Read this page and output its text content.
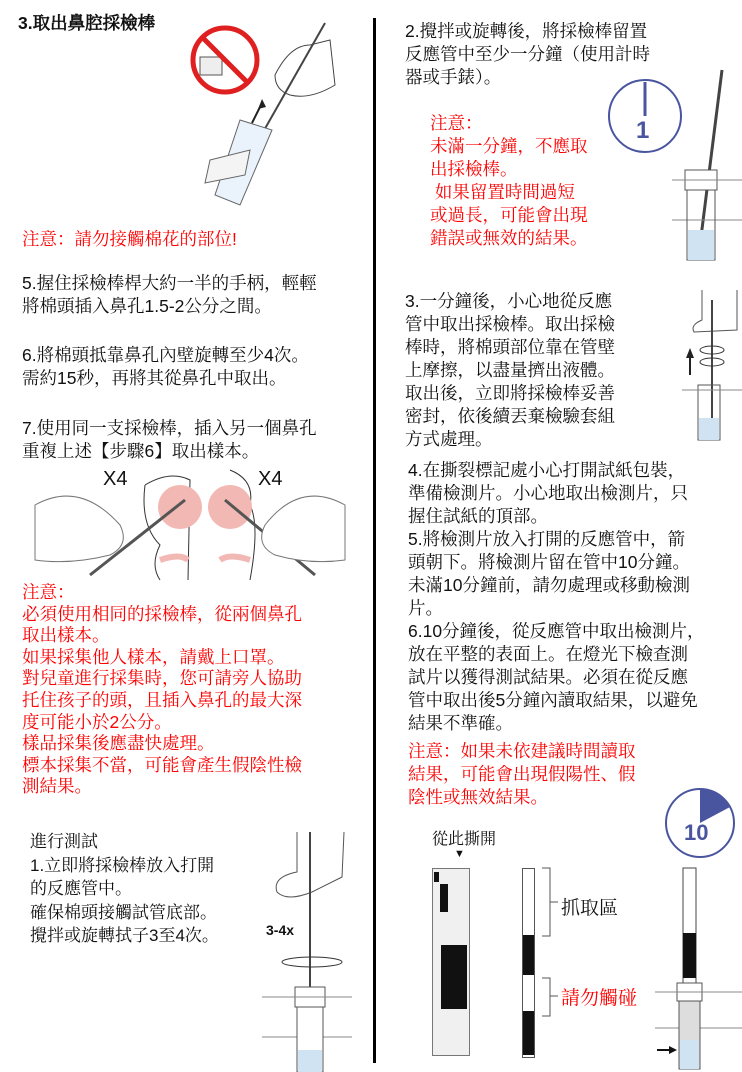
3.取出鼻腔採檢棒
注意：請勿接觸棉花的部位!
5.握住採檢棒桿大約一半的手柄，輕輕
將棉頭插入鼻孔1.5-2公分之間。
6.將棉頭抵靠鼻孔內壁旋轉至少4次。
需約15秒，再將其從鼻孔中取出。
7.使用同一支採檢棒，插入另一個鼻孔
重複上述【步驟6】取出樣本。
X4	X4
注意：
必須使用相同的採檢棒，從兩個鼻孔
取出樣本。
如果採集他人樣本，請戴上口罩。
對兒童進行採集時，您可請旁人協助
托住孩子的頭，且插入鼻孔的最大深
度可能小於2公分。
樣品採集後應盡快處理。
標本採集不當，可能會產生假陰性檢
測結果。
進行測試
1.立即將採檢棒放入打開
的反應管中。
確保棉頭接觸試管底部。
攪拌或旋轉拭子3至4次。	3-4x
2.攪拌或旋轉後，將採檢棒留置
反應管中至少一分鐘（使用計時
器或手錶）。
1
注意：
未滿一分鐘，不應取
出採檢棒。
如果留置時間過短
或過長，可能會出現
錯誤或無效的結果。
3.一分鐘後，小心地從反應
管中取出採檢棒。取出採檢
棒時，將棉頭部位靠在管壁
上摩擦，以盡量擠出液體。
取出後，立即將採檢棒妥善
密封，依後續丟棄檢驗套組
方式處理。
4.在撕裂標記處小心打開試紙包裝，
準備檢測片。小心地取出檢測片，只
握住試紙的頂部。
5.將檢測片放入打開的反應管中，箭
頭朝下。將檢測片留在管中10分鐘。
未滿10分鐘前，請勿處理或移動檢測
片。
6.10分鐘後，從反應管中取出檢測片，
放在平整的表面上。在燈光下檢查測
試片以獲得測試結果。必須在從反應
管中取出後5分鐘內讀取結果，以避免
結果不準確。
注意：如果未依建議時間讀取
結果，可能會出現假陽性、假
陰性或無效結果。
10
從此撕開
▼
抓取區
請勿觸碰
